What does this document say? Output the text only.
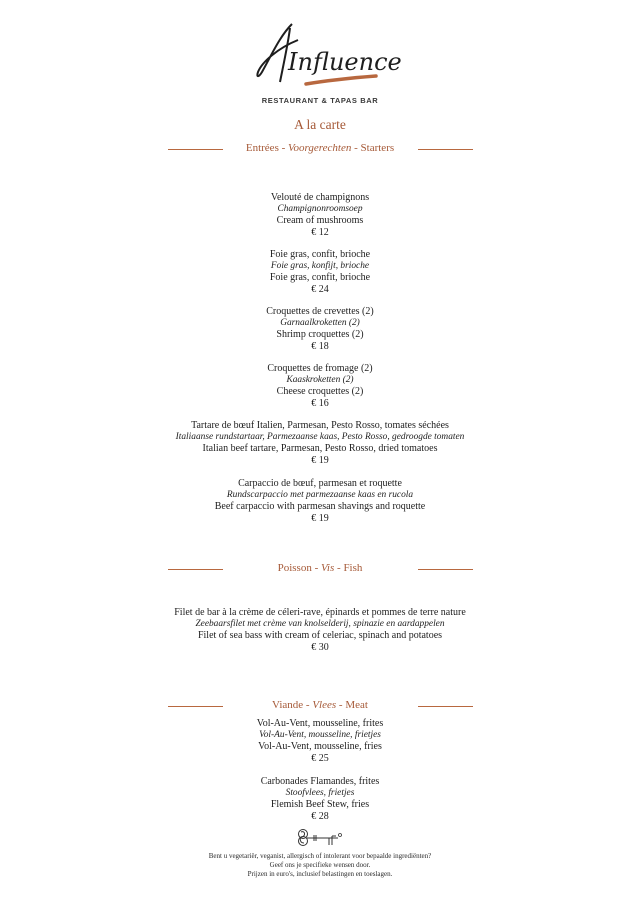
Influence
RESTAURANT & TAPAS BAR
A la carte
Entrées - Voorgerechten - Starters
Velouté de champignons
Champignonroomsoep
Cream of mushrooms
€ 12
Foie gras, confit, brioche
Foie gras, konfijt, brioche
Foie gras, confit, brioche
€ 24
Croquettes de crevettes (2)
Garnaalkroketten (2)
Shrimp croquettes (2)
€ 18
Croquettes de fromage (2)
Kaaskroketten (2)
Cheese croquettes (2)
€ 16
Tartare de bœuf Italien, Parmesan, Pesto Rosso, tomates séchées
Italiaanse rundstartaar, Parmezaanse kaas, Pesto Rosso, gedroogde tomaten
Italian beef tartare, Parmesan, Pesto Rosso, dried tomatoes
€ 19
Carpaccio de bœuf, parmesan et roquette
Rundscarpaccio met parmezaanse kaas en rucola
Beef carpaccio with parmesan shavings and roquette
€ 19
Poisson - Vis - Fish
Filet de bar à la crème de céleri-rave, épinards et pommes de terre nature
Zeebaarsfilet met crème van knolselderij, spinazie en aardappelen
Filet of sea bass with cream of celeriac, spinach and potatoes
€ 30
Viande - Vlees - Meat
Vol-Au-Vent, mousseline, frites
Vol-Au-Vent, mousseline, frietjes
Vol-Au-Vent, mousseline, fries
€ 25
Carbonades Flamandes, frites
Stoofvlees, frietjes
Flemish Beef Stew, fries
€ 28
Bent u vegetariër, veganist, allergisch of intolerant voor bepaalde ingrediënten?
Geef ons je specifieke wensen door.
Prijzen in euro's, inclusief belastingen en toeslagen.
